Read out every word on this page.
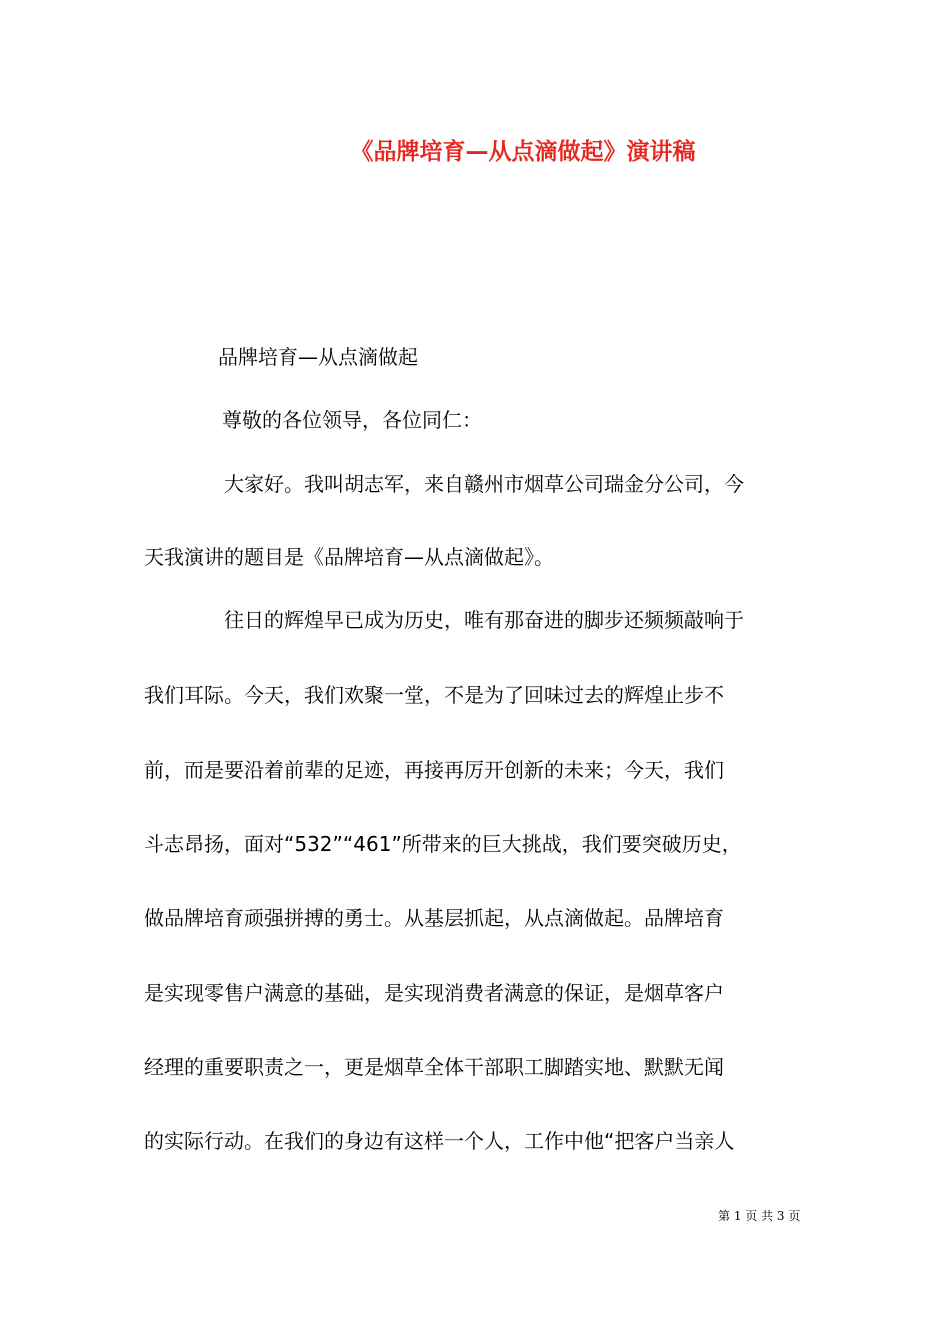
《品牌培育—从点滴做起》演讲稿
品牌培育—从点滴做起
尊敬的各位领导，各位同仁：
大家好。我叫胡志军，来自赣州市烟草公司瑞金分公司，今
天我演讲的题目是《品牌培育—从点滴做起》。
往日的辉煌早已成为历史，唯有那奋进的脚步还频频敲响于
我们耳际。今天，我们欢聚一堂，不是为了回味过去的辉煌止步不
前，而是要沿着前辈的足迹，再接再厉开创新的未来；今天，我们
斗志昂扬，面对“532”“461”所带来的巨大挑战，我们要突破历史，
做品牌培育顽强拼搏的勇士。从基层抓起，从点滴做起。品牌培育
是实现零售户满意的基础，是实现消费者满意的保证，是烟草客户
经理的重要职责之一，更是烟草全体干部职工脚踏实地、默默无闻
的实际行动。在我们的身边有这样一个人，工作中他“把客户当亲人
第 1 页 共 3 页
